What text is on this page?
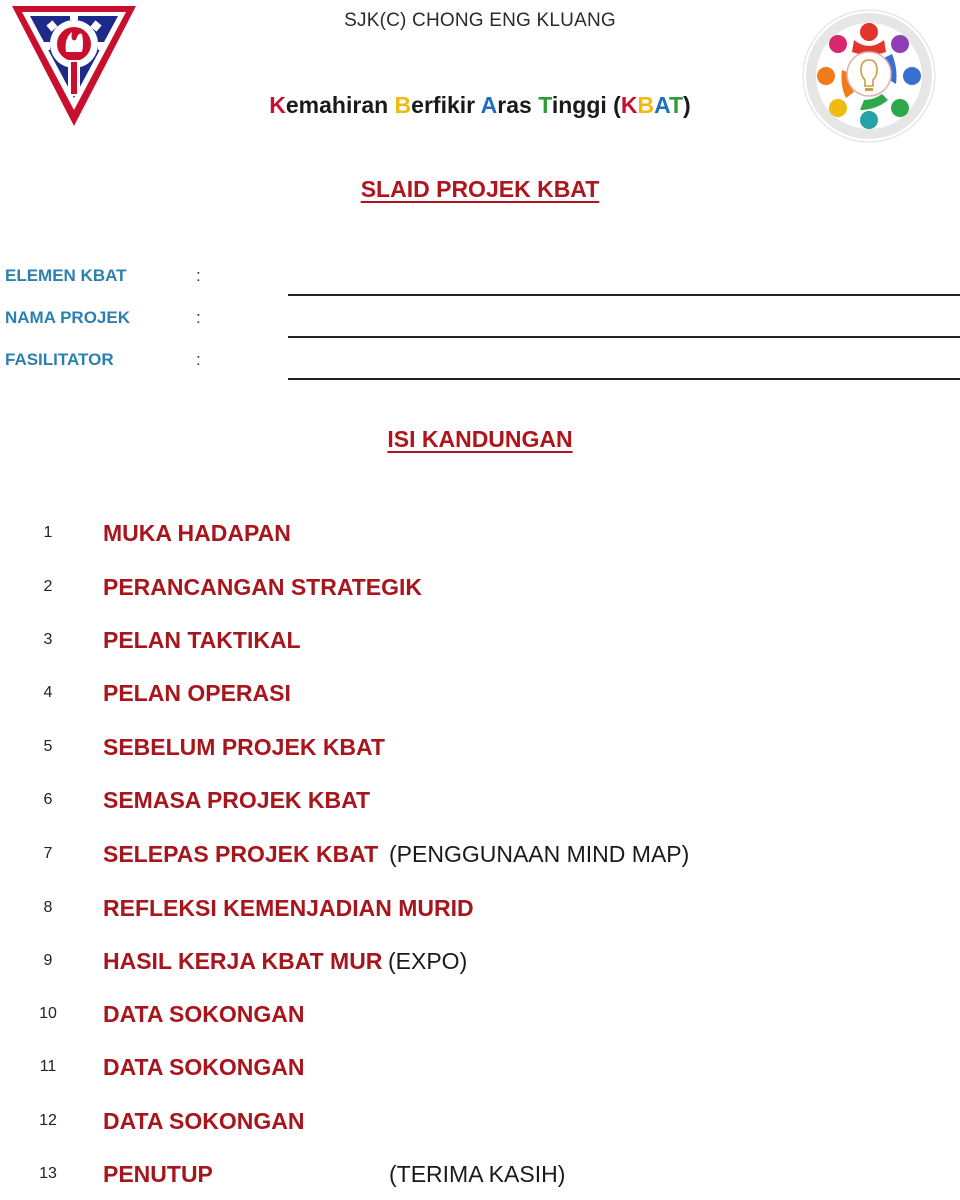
SJK(C) CHONG ENG KLUANG
Kemahiran Berfikir Aras Tinggi (KBAT)
SLAID PROJEK KBAT
ELEMEN KBAT	:
NAMA PROJEK	:
FASILITATOR	:
ISI KANDUNGAN
1	MUKA HADAPAN
2	PERANCANGAN STRATEGIK
3	PELAN TAKTIKAL
4	PELAN OPERASI
5	SEBELUM PROJEK KBAT
6	SEMASA PROJEK KBAT
7	SELEPAS PROJEK KBAT (PENGGUNAAN MIND MAP)
8	REFLEKSI KEMENJADIAN MURID
9	HASIL KERJA KBAT MUR (EXPO)
10	DATA SOKONGAN
11	DATA SOKONGAN
12	DATA SOKONGAN
13	PENUTUP	(TERIMA KASIH)
